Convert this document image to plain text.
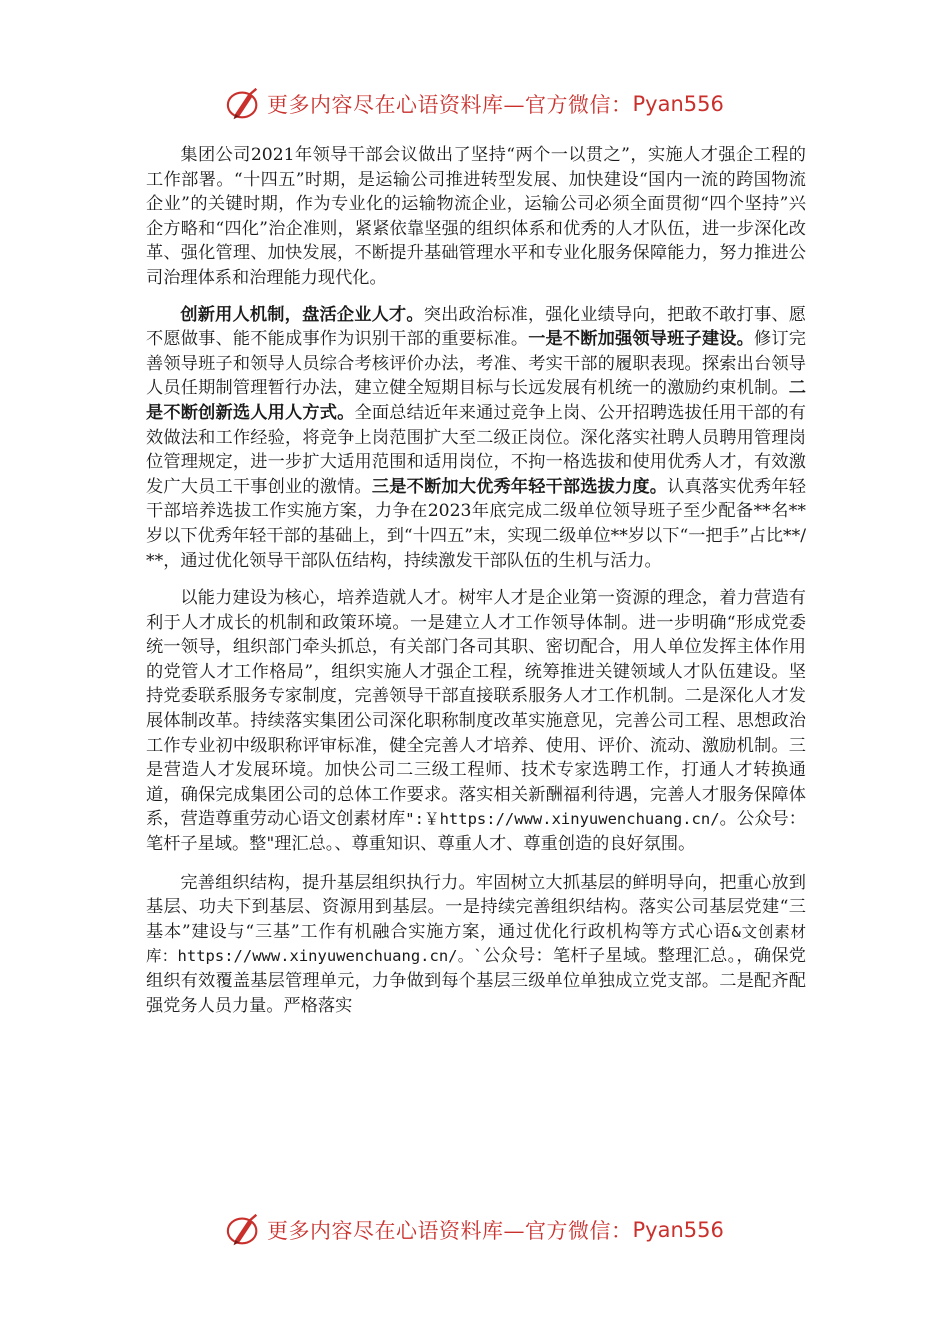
更多内容尽在心语资料库—官方微信： Pyan556

集团公司2021年领导干部会议做出了坚持“两个一以贯之”，实施人才强企工程的工作部署。“十四五”时期，是运输公司推进转型发展、加快建设“国内一流的跨国物流企业”的关键时期，作为专业化的运输物流企业，运输公司必须全面贯彻“四个坚持”兴企方略和“四化”治企准则，紧紧依靠坚强的组织体系和优秀的人才队伍，进一步深化改革、强化管理、加快发展，不断提升基础管理水平和专业化服务保障能力，努力推进公司治理体系和治理能力现代化。

创新用人机制，盘活企业人才。突出政治标准，强化业绩导向，把敢不敢打事、愿不愿做事、能不能成事作为识别干部的重要标准。一是不断加强领导班子建设。修订完善领导班子和领导人员综合考核评价办法，考准、考实干部的履职表现。探索出台领导人员任期制管理暂行办法，建立健全短期目标与长远发展有机统一的激励约束机制。二是不断创新选人用人方式。全面总结近年来通过竞争上岗、公开招聘选拔任用干部的有效做法和工作经验，将竞争上岗范围扩大至二级正岗位。深化落实社聘人员聘用管理岗位管理规定，进一步扩大适用范围和适用岗位，不拘一格选拔和使用优秀人才，有效激发广大员工干事创业的激情。三是不断加大优秀年轻干部选拔力度。认真落实优秀年轻干部培养选拔工作实施方案，力争在2023年底完成二级单位领导班子至少配备**名**岁以下优秀年轻干部的基础上，到“十四五”末，实现二级单位**岁以下“一把手”占比**/**，通过优化领导干部队伍结构，持续激发干部队伍的生机与活力。

以能力建设为核心，培养造就人才。树牢人才是企业第一资源的理念，着力营造有利于人才成长的机制和政策环境。一是建立人才工作领导体制。进一步明确“形成党委统一领导，组织部门牵头抓总，有关部门各司其职、密切配合，用人单位发挥主体作用的党管人才工作格局”，组织实施人才强企工程，统筹推进关键领域人才队伍建设。坚持党委联系服务专家制度，完善领导干部直接联系服务人才工作机制。二是深化人才发展体制改革。持续落实集团公司深化职称制度改革实施意见，完善公司工程、思想政治工作专业初中级职称评审标准，健全完善人才培养、使用、评价、流动、激励机制。三是营造人才发展环境。加快公司二三级工程师、技术专家选聘工作，打通人才转换通道，确保完成集团公司的总体工作要求。落实相关新酬福利待遇，完善人才服务保障体系，营造尊重劳动心语文创素材库":￥https://www.xinyuwenchuang.cn/。公众号：笔杆子星域。整"理汇总。、尊重知识、尊重人才、尊重创造的良好氛围。

完善组织结构，提升基层组织执行力。牢固树立大抓基层的鲜明导向，把重心放到基层、功夫下到基层、资源用到基层。一是持续完善组织结构。落实公司基层党建“三基本”建设与“三基”工作有机融合实施方案，通过优化行政机构等方式心语&文创素材库：https://www.xinyuwenchuang.cn/。`公众号：笔杆子星域。整理汇总。，确保党组织有效覆盖基层管理单元，力争做到每个基层三级单位单独成立党支部。二是配齐配强党务人员力量。严格落实

更多内容尽在心语资料库—官方微信： Pyan556
